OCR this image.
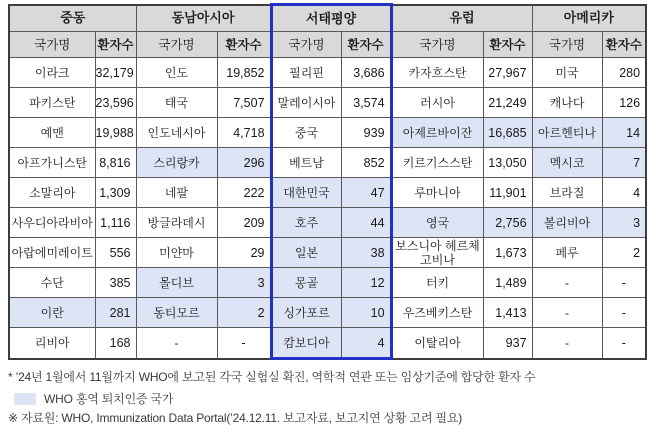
중동		동남아시아		서태평양		유럽		아메리카	
국가명	환자수	국가명	환자수	국가명	환자수	국가명	환자수	국가명	환자수
이라크	32,179	인도	19,852	필리핀	3,686	카자흐스탄	27,967	미국	280
파키스탄	23,596	태국	7,507	말레이시아	3,574	러시아	21,249	캐나다	126
예맨	19,988	인도네시아	4,718	중국	939	아제르바이잔	16,685	아르헨티나	14
아프가니스탄	8,816	스리랑카	296	베트남	852	키르기스스탄	13,050	멕시코	7
소말리아	1,309	네팔	222	대한민국	47	루마니아	11,901	브라질	4
사우디아라비아	1,116	방글라데시	209	호주	44	영국	2,756	볼리비아	3
아랍에미레이트	556	미얀마	29	일본	38	보스니아 헤르체고비나	1,673	페루	2
수단	385	몰디브	3	몽골	12	터키	1,489	-	-
이란	281	동티모르	2	싱가포르	10	우즈베키스탄	1,413	-	-
리비아	168	-	-	캄보디아	4	이탈리아	937	-	-
* ’24년 1월에서 11월까지 WHO에 보고된 각국 실험실 확진, 역학적 연관 또는 임상기준에 합당한 환자 수
WHO 홍역 퇴치인증 국가
※ 자료원: WHO, Immunization Data Portal(’24.12.11. 보고자료, 보고지연 상황 고려 필요)
